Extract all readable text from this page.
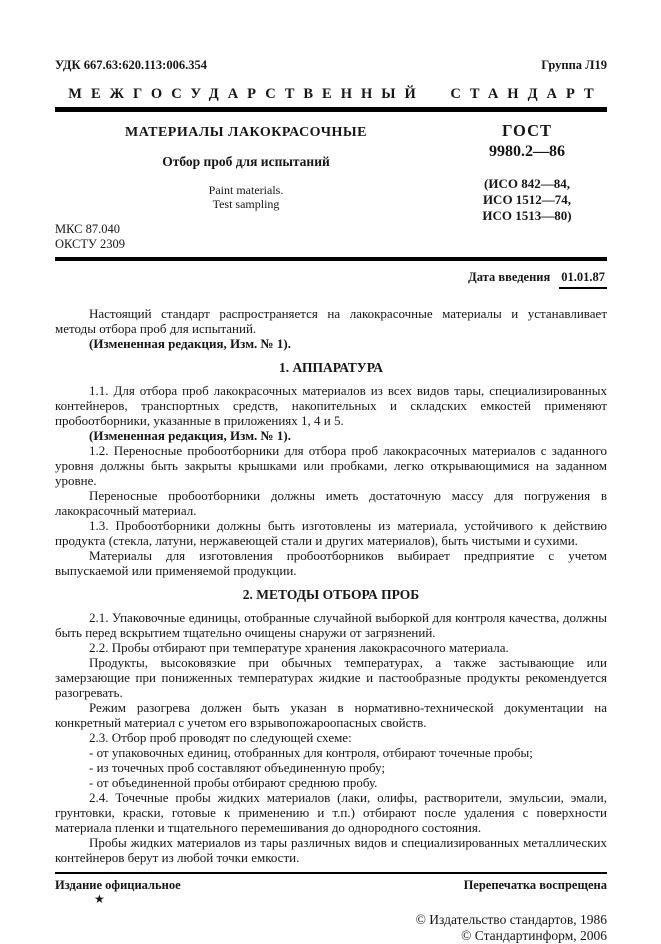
УДК 667.63:620.113:006.354	Группа Л19
МЕЖГОСУДАРСТВЕННЫЙ СТАНДАРТ
МАТЕРИАЛЫ ЛАКОКРАСОЧНЫЕ
Отбор проб для испытаний
Paint materials.
Test sampling
МКС 87.040
ОКСТУ 2309
ГОСТ
9980.2—86
(ИСО 842—84,
ИСО 1512—74,
ИСО 1513—80)
Дата введения 01.01.87

Настоящий стандарт распространяется на лакокрасочные материалы и устанавливает методы отбора проб для испытаний.

(Измененная редакция, Изм. № 1).

1. АППАРАТУРА

1.1. Для отбора проб лакокрасочных материалов из всех видов тары, специализированных контейнеров, транспортных средств, накопительных и складских емкостей применяют пробоотборники, указанные в приложениях 1, 4 и 5.

(Измененная редакция, Изм. № 1).

1.2. Переносные пробоотборники для отбора проб лакокрасочных материалов с заданного уровня должны быть закрыты крышками или пробками, легко открывающимися на заданном уровне.

Переносные пробоотборники должны иметь достаточную массу для погружения в лакокрасочный материал.

1.3. Пробоотборники должны быть изготовлены из материала, устойчивого к действию продукта (стекла, латуни, нержавеющей стали и других материалов), быть чистыми и сухими.

Материалы для изготовления пробоотборников выбирает предприятие с учетом выпускаемой или применяемой продукции.

2. МЕТОДЫ ОТБОРА ПРОБ

2.1. Упаковочные единицы, отобранные случайной выборкой для контроля качества, должны быть перед вскрытием тщательно очищены снаружи от загрязнений.

2.2. Пробы отбирают при температуре хранения лакокрасочного материала.

Продукты, высоковязкие при обычных температурах, а также застывающие или замерзающие при пониженных температурах жидкие и пастообразные продукты рекомендуется разогревать.

Режим разогрева должен быть указан в нормативно-технической документации на конкретный материал с учетом его взрывопожароопасных свойств.

2.3. Отбор проб проводят по следующей схеме:

- от упаковочных единиц, отобранных для контроля, отбирают точечные пробы;

- из точечных проб составляют объединенную пробу;

- от объединенной пробы отбирают среднюю пробу.

2.4. Точечные пробы жидких материалов (лаки, олифы, растворители, эмульсии, эмали, грунтовки, краски, готовые к применению и т.п.) отбирают после удаления с поверхности материала пленки и тщательного перемешивания до однородного состояния.

Пробы жидких материалов из тары различных видов и специализированных металлических контейнеров берут из любой точки емкости.

Издание официальное	Перепечатка воспрещена
★
© Издательство стандартов, 1986
© Стандартинформ, 2006
